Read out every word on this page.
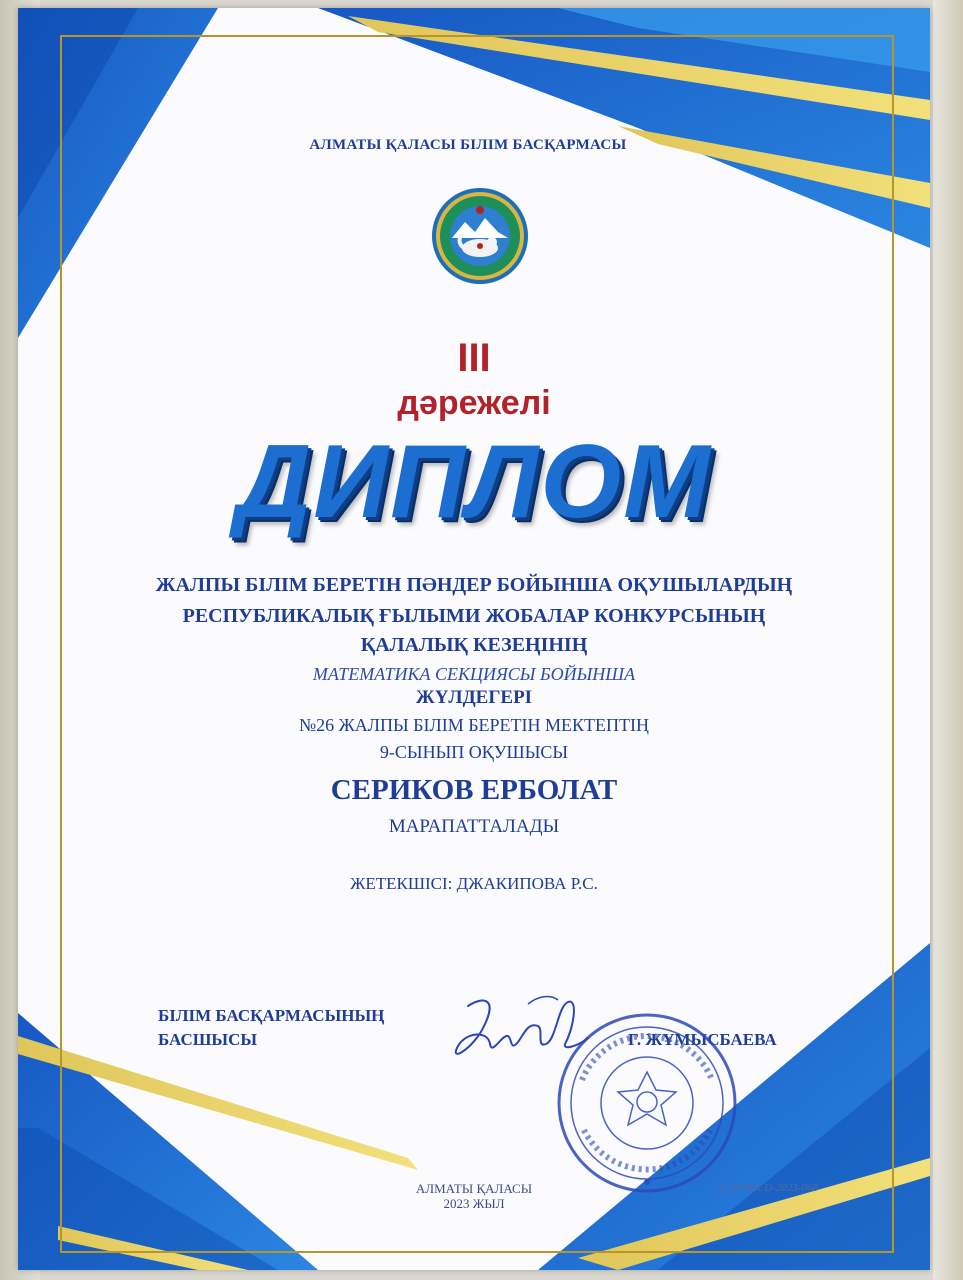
АЛМАТЫ ҚАЛАСЫ БІЛІМ БАСҚАРМАСЫ
III
дәрежелі
ДИПЛОМ
ЖАЛПЫ БІЛІМ БЕРЕТІН ПӘНДЕР БОЙЫНША ОҚУШЫЛАРДЫҢ
РЕСПУБЛИКАЛЫҚ ҒЫЛЫМИ ЖОБАЛАР КОНКУРСЫНЫҢ
ҚАЛАЛЫҚ КЕЗЕҢІНІҢ
МАТЕМАТИКА СЕКЦИЯСЫ БОЙЫНША
ЖҮЛДЕГЕРІ
№26 ЖАЛПЫ БІЛІМ БЕРЕТІН МЕКТЕПТІҢ
9-СЫНЫП ОҚУШЫСЫ
СЕРИКОВ ЕРБОЛАТ
МАРАПАТТАЛАДЫ
ЖЕТЕКШІСІ: ДЖАКИПОВА Р.С.
БІЛІМ БАСҚАРМАСЫНЫҢ
БАСШЫСЫ	Г. ЖҰМЫСБАЕВА
АЛМАТЫ ҚАЛАСЫ
2023 ЖЫЛ
№ РҒЖК D-2023-068
